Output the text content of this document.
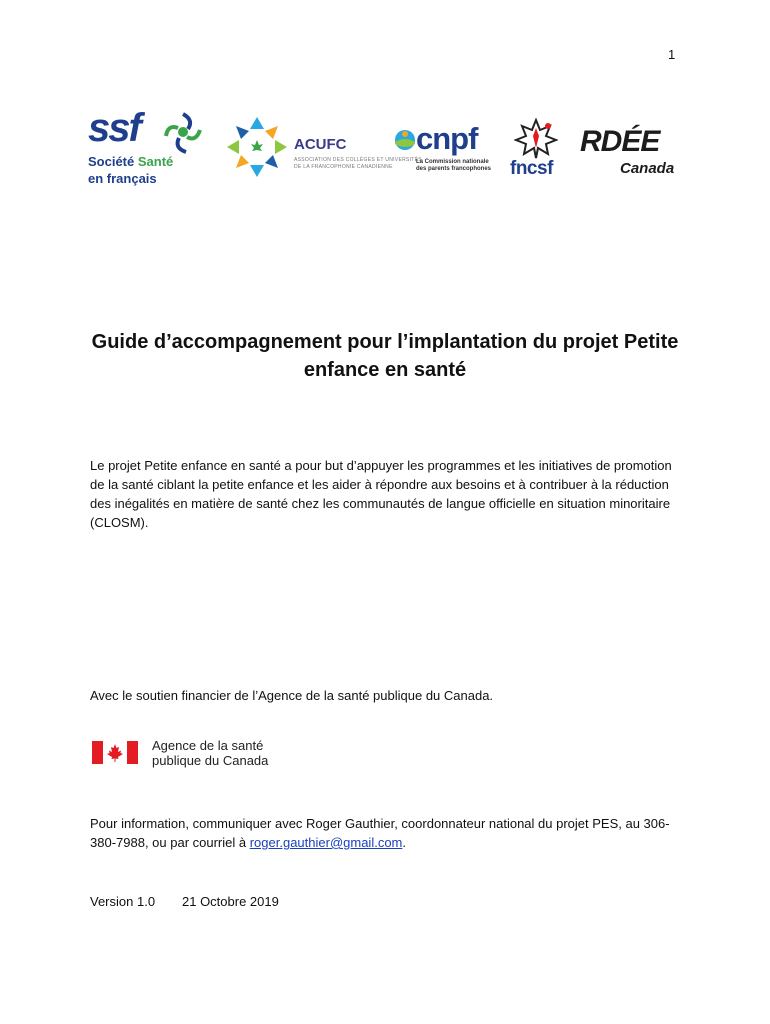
1
ssf
Société Santé
en français
ACUFC
ASSOCIATION DES COLLÈGES ET UNIVERSITÉS
DE LA FRANCOPHONIE CANADIENNE
cnpf
La Commission nationale
des parents francophones fncsf
RDÉE
Canada
Guide d’accompagnement pour l’implantation du projet Petite enfance en santé

Le projet Petite enfance en santé a pour but d’appuyer les programmes et les initiatives de promotion de la santé ciblant la petite enfance et les aider à répondre aux besoins et à contribuer à la réduction des inégalités en matière de santé chez les communautés de langue officielle en situation minoritaire (CLOSM).

Avec le soutien financier de l’Agence de la santé publique du Canada.

Agence de la santé
publique du Canada

Pour information, communiquer avec Roger Gauthier, coordonnateur national du projet PES, au 306-380-7988, ou par courriel à roger.gauthier@gmail.com.

Version 1.0 21 Octobre 2019
